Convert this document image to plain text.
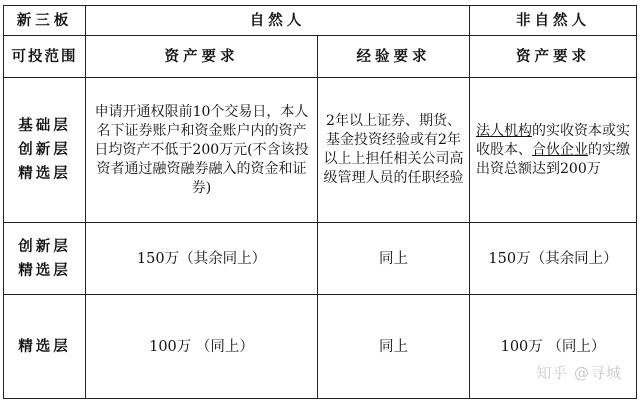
新三板	自然人		非自然人
可投范围	资产要求	经验要求	资产要求

基础层
创新层
精选层	申请开通权限前10个交易日，本人名下证券账户和资金账户内的资产日均资产不低于200万元(不含该投资者通过融资融券融入的资金和证券)	2年以上证券、期货、基金投资经验或有2年以上上担任相关公司高级管理人员的任职经验	法人机构的实收资本或实收股本、合伙企业的实缴出资总额达到200万

创新层
精选层	150万（其余同上）	同上	150万（其余同上）

精选层	100万 （同上）	同上	100万 （同上）
知乎 @寻城
